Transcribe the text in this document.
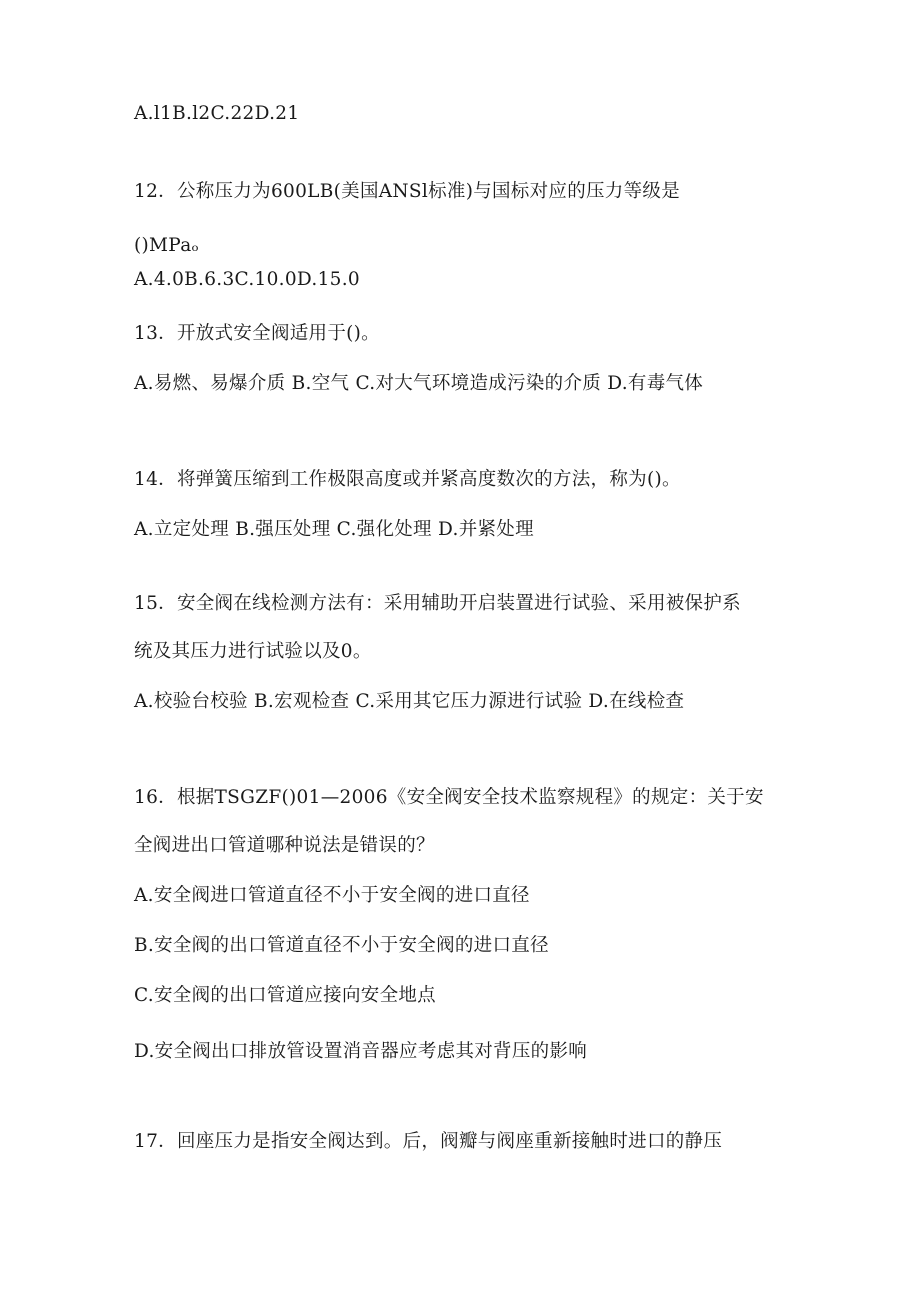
A.l1B.l2C.22D.21
12．公称压力为600LB(美国ANSl标准)与国标对应的压力等级是
()MPaₒ
A.4.0B.6.3C.10.0D.15.0
13．开放式安全阀适用于()。
A.易燃、易爆介质 B.空气 C.对大气环境造成污染的介质 D.有毒气体
14．将弹簧压缩到工作极限高度或并紧高度数次的方法，称为()。
A.立定处理 B.强压处理 C.强化处理 D.并紧处理
15．安全阀在线检测方法有：采用辅助开启装置进行试验、采用被保护系
统及其压力进行试验以及0。
A.校验台校验 B.宏观检查 C.采用其它压力源进行试验 D.在线检查
16．根据TSGZF()01—2006《安全阀安全技术监察规程》的规定：关于安
全阀进出口管道哪种说法是错误的？
A.安全阀进口管道直径不小于安全阀的进口直径
B.安全阀的出口管道直径不小于安全阀的进口直径
C.安全阀的出口管道应接向安全地点
D.安全阀出口排放管设置消音器应考虑其对背压的影响
17．回座压力是指安全阀达到。后，阀瓣与阀座重新接触时进口的静压
